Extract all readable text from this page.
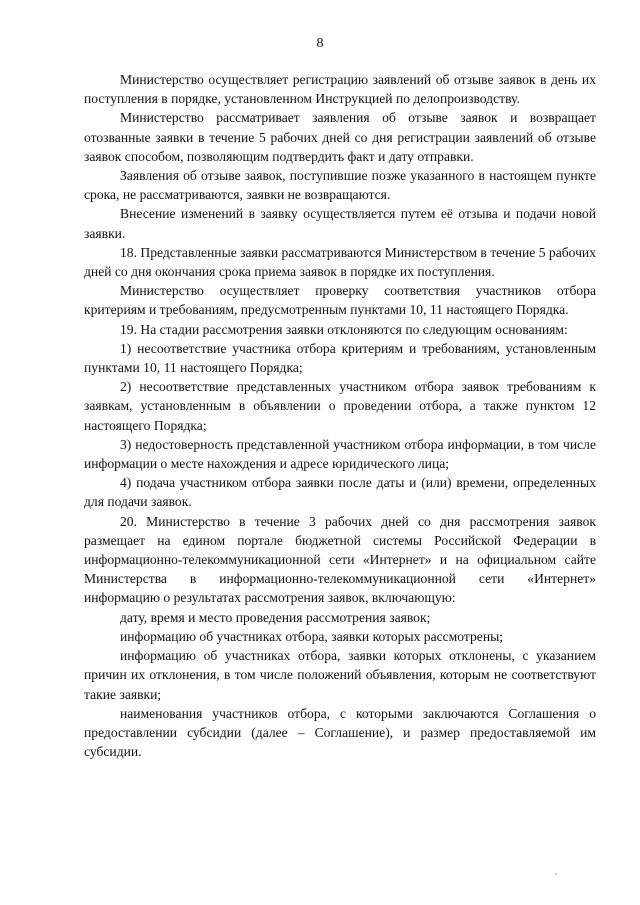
8

Министерство осуществляет регистрацию заявлений об отзыве заявок в день их поступления в порядке, установленном Инструкцией по делопроизводству.

Министерство рассматривает заявления об отзыве заявок и возвращает отозванные заявки в течение 5 рабочих дней со дня регистрации заявлений об отзыве заявок способом, позволяющим подтвердить факт и дату отправки.

Заявления об отзыве заявок, поступившие позже указанного в настоящем пункте срока, не рассматриваются, заявки не возвращаются.

Внесение изменений в заявку осуществляется путем её отзыва и подачи новой заявки.

18. Представленные заявки рассматриваются Министерством в течение 5 рабочих дней со дня окончания срока приема заявок в порядке их поступления.

Министерство осуществляет проверку соответствия участников отбора критериям и требованиям, предусмотренным пунктами 10, 11 настоящего Порядка.

19. На стадии рассмотрения заявки отклоняются по следующим основаниям:

1) несоответствие участника отбора критериям и требованиям, установленным пунктами 10, 11 настоящего Порядка;

2) несоответствие представленных участником отбора заявок требованиям к заявкам, установленным в объявлении о проведении отбора, а также пунктом 12 настоящего Порядка;

3) недостоверность представленной участником отбора информации, в том числе информации о месте нахождения и адресе юридического лица;

4) подача участником отбора заявки после даты и (или) времени, определенных для подачи заявок.

20. Министерство в течение 3 рабочих дней со дня рассмотрения заявок размещает на едином портале бюджетной системы Российской Федерации в информационно-телекоммуникационной сети «Интернет» и на официальном сайте Министерства в информационно-телекоммуникационной сети «Интернет» информацию о результатах рассмотрения заявок, включающую:

дату, время и место проведения рассмотрения заявок;

информацию об участниках отбора, заявки которых рассмотрены;

информацию об участниках отбора, заявки которых отклонены, с указанием причин их отклонения, в том числе положений объявления, которым не соответствуют такие заявки;

наименования участников отбора, с которыми заключаются Соглашения о предоставлении субсидии (далее – Соглашение), и размер предоставляемой им субсидии.
